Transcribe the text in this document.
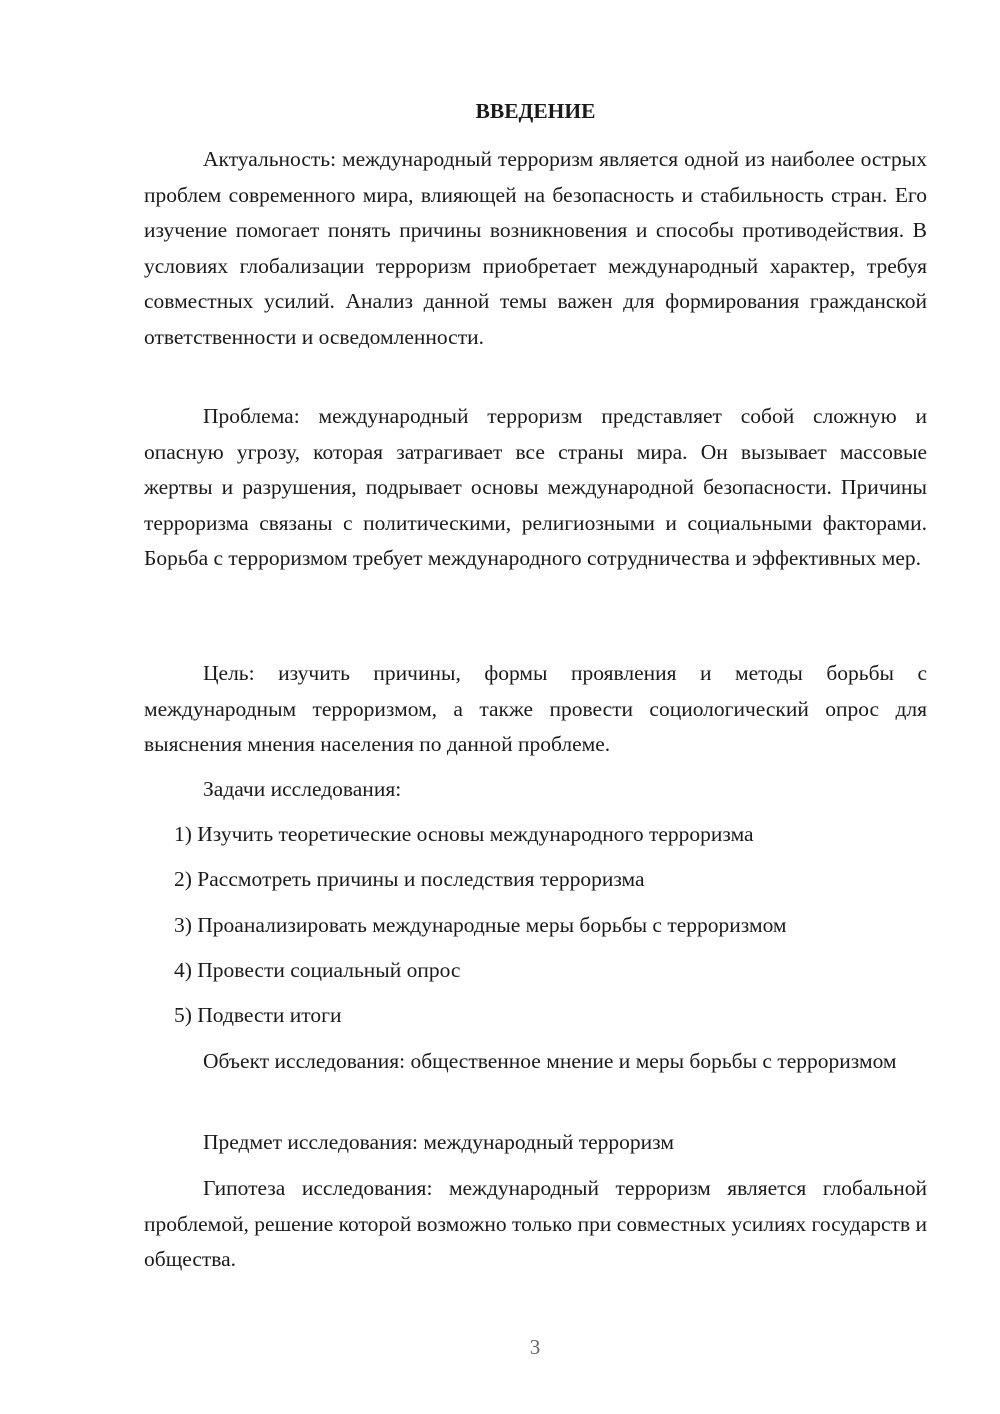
ВВЕДЕНИЕ

Актуальность: международный терроризм является одной из наиболее острых проблем современного мира, влияющей на безопасность и стабильность стран. Его изучение помогает понять причины возникновения и способы противодействия. В условиях глобализации терроризм приобретает международный характер, требуя совместных усилий. Анализ данной темы важен для формирования гражданской ответственности и осведомленности.

Проблема: международный терроризм представляет собой сложную и опасную угрозу, которая затрагивает все страны мира. Он вызывает массовые жертвы и разрушения, подрывает основы международной безопасности. Причины терроризма связаны с политическими, религиозными и социальными факторами. Борьба с терроризмом требует международного сотрудничества и эффективных мер.

Цель: изучить причины, формы проявления и методы борьбы с международным терроризмом, а также провести социологический опрос для выяснения мнения населения по данной проблеме.

Задачи исследования:

1) Изучить теоретические основы международного терроризма

2) Рассмотреть причины и последствия терроризма

3) Проанализировать международные меры борьбы с терроризмом

4) Провести социальный опрос

5) Подвести итоги

Объект исследования: общественное мнение и меры борьбы с терроризмом

Предмет исследования: международный терроризм

Гипотеза исследования: международный терроризм является глобальной проблемой, решение которой возможно только при совместных усилиях государств и общества.

3
